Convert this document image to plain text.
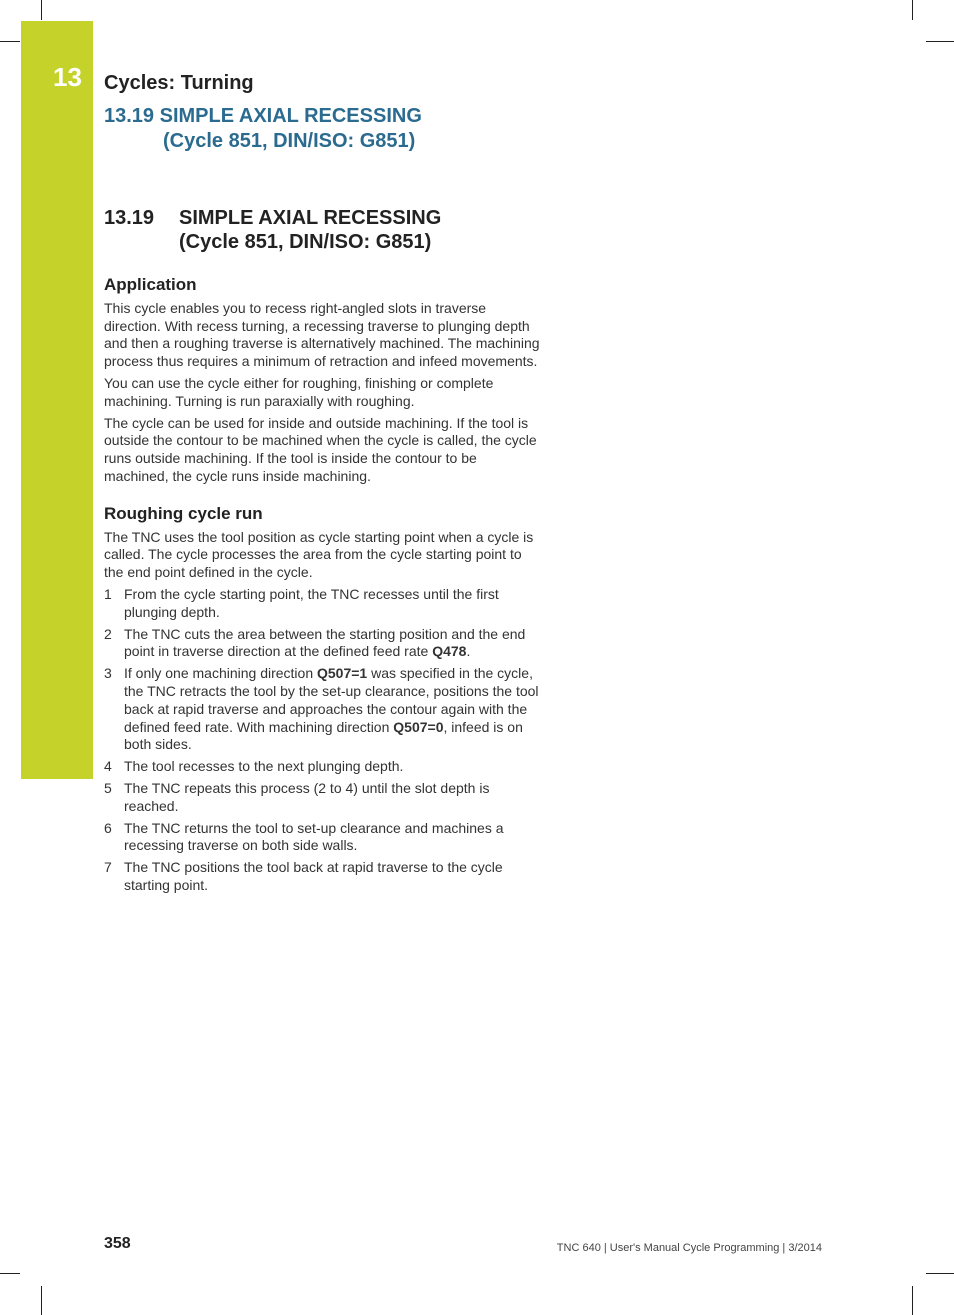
13 Cycles: Turning
13.19 SIMPLE AXIAL RECESSING
(Cycle 851, DIN/ISO: G851)
13.19 SIMPLE AXIAL RECESSING
(Cycle 851, DIN/ISO: G851)
Application

This cycle enables you to recess right-angled slots in traverse direction. With recess turning, a recessing traverse to plunging depth and then a roughing traverse is alternatively machined. The machining process thus requires a minimum of retraction and infeed movements.

You can use the cycle either for roughing, finishing or complete machining. Turning is run paraxially with roughing.

The cycle can be used for inside and outside machining. If the tool is outside the contour to be machined when the cycle is called, the cycle runs outside machining. If the tool is inside the contour to be machined, the cycle runs inside machining.

Roughing cycle run

The TNC uses the tool position as cycle starting point when a cycle is called. The cycle processes the area from the cycle starting point to the end point defined in the cycle.

1 From the cycle starting point, the TNC recesses until the first plunging depth.
2 The TNC cuts the area between the starting position and the end point in traverse direction at the defined feed rate Q478.
3 If only one machining direction Q507=1 was specified in the cycle, the TNC retracts the tool by the set-up clearance, positions the tool back at rapid traverse and approaches the contour again with the defined feed rate. With machining direction Q507=0, infeed is on both sides.
4 The tool recesses to the next plunging depth.
5 The TNC repeats this process (2 to 4) until the slot depth is reached.
6 The TNC returns the tool to set-up clearance and machines a recessing traverse on both side walls.
7 The TNC positions the tool back at rapid traverse to the cycle starting point.
358	TNC 640 | User's Manual Cycle Programming | 3/2014
